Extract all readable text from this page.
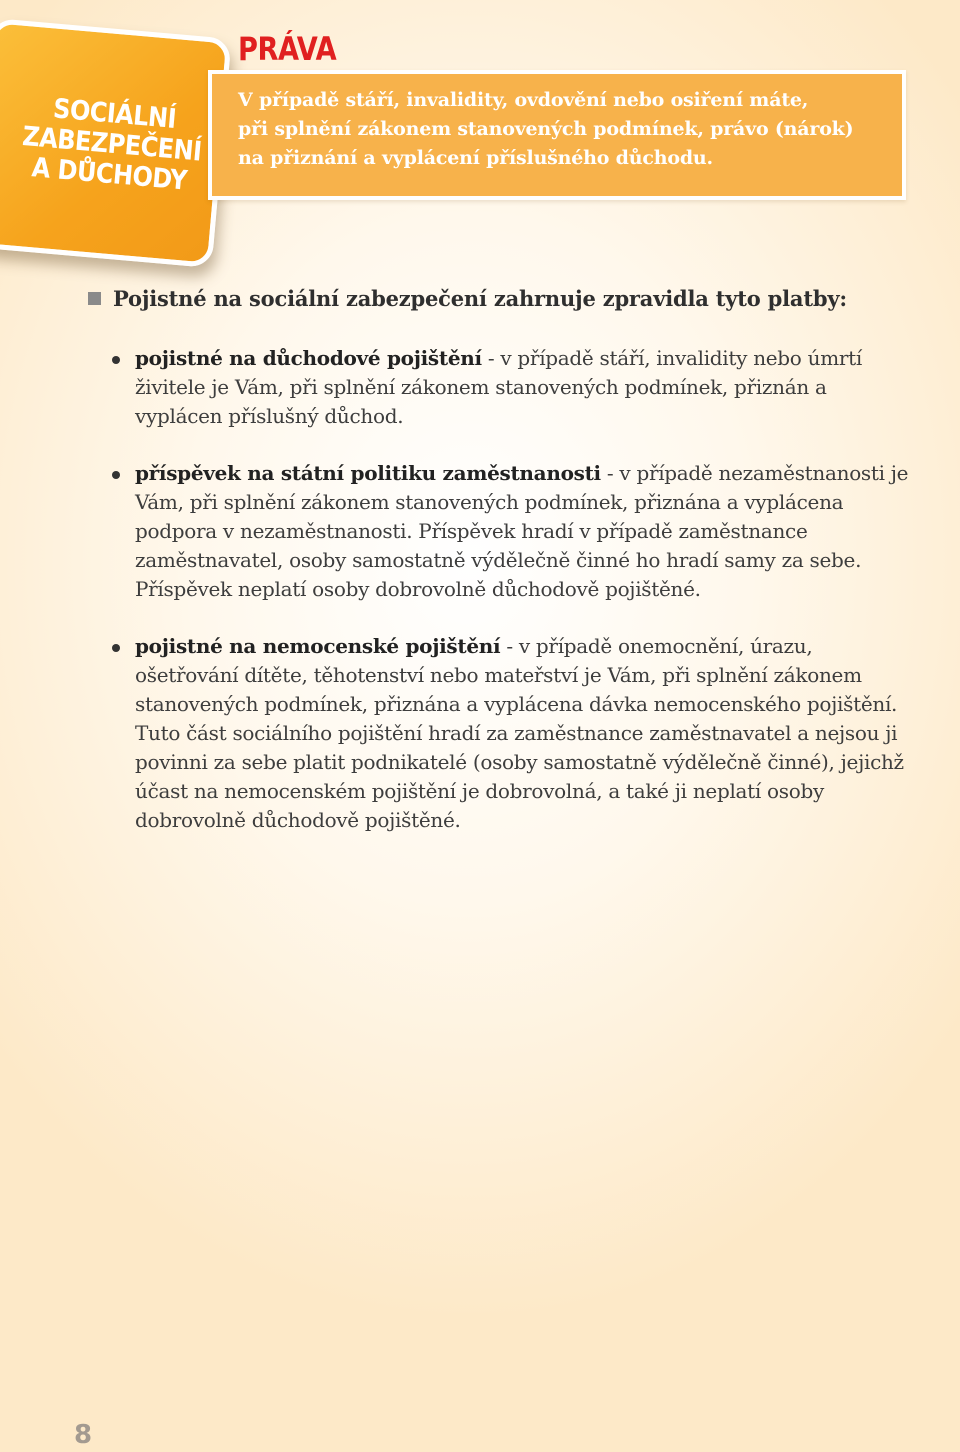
SOCIÁLNÍ
ZABEZPEČENÍ
A DŮCHODY
PRÁVA
V případě stáří, invalidity, ovdovění nebo osiření máte,
při splnění zákonem stanovených podmínek, právo (nárok)
na přiznání a vyplácení příslušného důchodu.
Pojistné na sociální zabezpečení zahrnuje zpravidla tyto platby:
pojistné na důchodové pojištění - v případě stáří, invalidity nebo úmrtí živitele je Vám, při splnění zákonem stanovených podmínek, přiznán a vyplácen příslušný důchod.
příspěvek na státní politiku zaměstnanosti - v případě nezaměstnanosti je Vám, při splnění zákonem stanovených podmínek, přiznána a vyplácena podpora v nezaměstnanosti. Příspěvek hradí v případě zaměstnance zaměstnavatel, osoby samostatně výdělečně činné ho hradí samy za sebe. Příspěvek neplatí osoby dobrovolně důchodově pojištěné.
pojistné na nemocenské pojištění - v případě onemocnění, úrazu, ošetřování dítěte, těhotenství nebo mateřství je Vám, při splnění zákonem stanovených podmínek, přiznána a vyplácena dávka nemocenského pojištění. Tuto část sociálního pojištění hradí za zaměstnance zaměstnavatel a nejsou ji povinni za sebe platit podnikatelé (osoby samostatně výdělečně činné), jejichž účast na nemocenském pojištění je dobrovolná, a také ji neplatí osoby dobrovolně důchodově pojištěné.
8
